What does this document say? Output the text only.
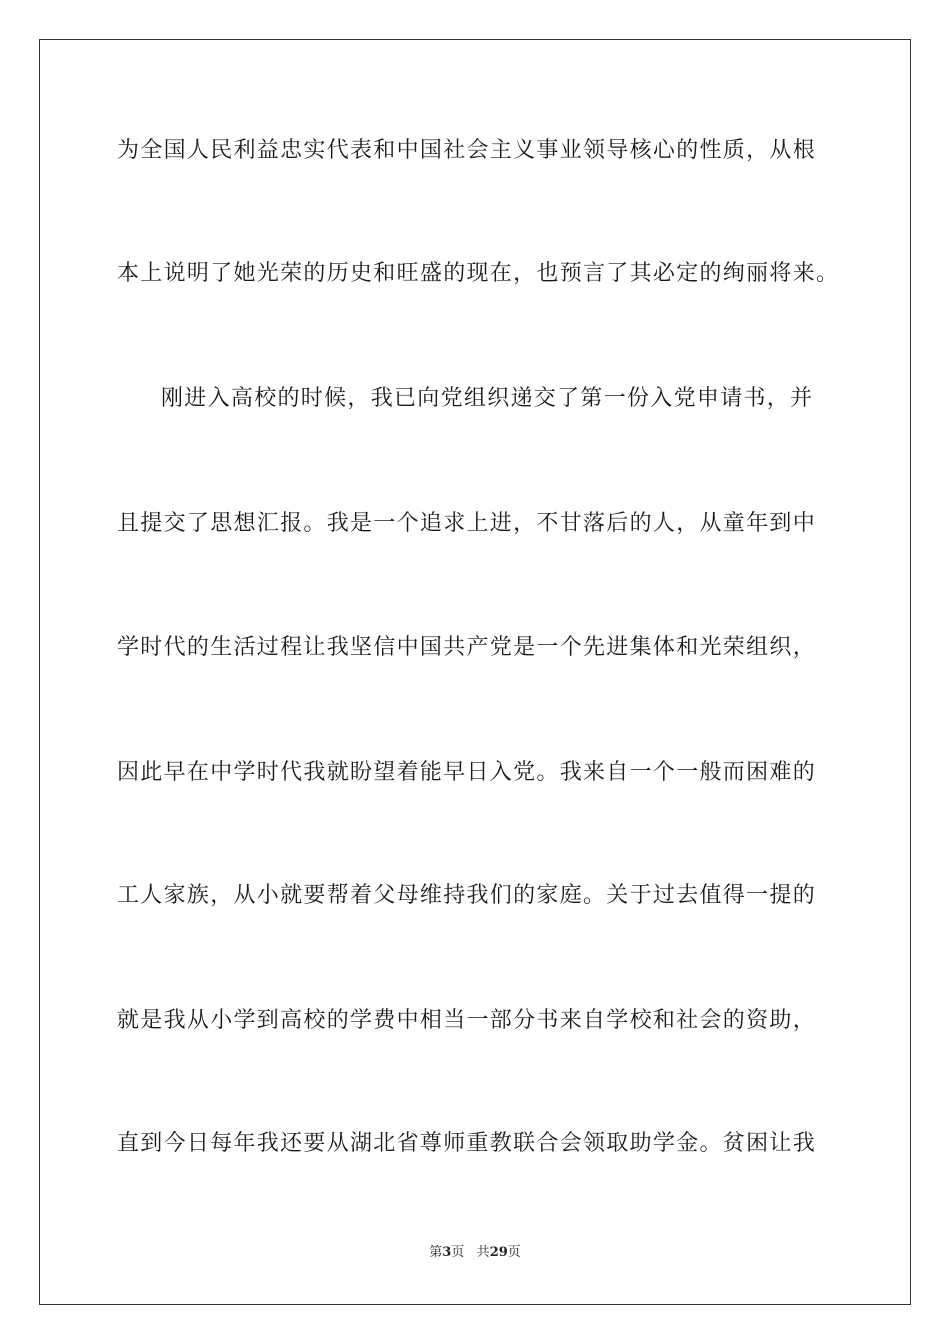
为全国人民利益忠实代表和中国社会主义事业领导核心的性质，从根
本上说明了她光荣的历史和旺盛的现在，也预言了其必定的绚丽将来。
刚进入高校的时候，我已向党组织递交了第一份入党申请书，并
且提交了思想汇报。我是一个追求上进，不甘落后的人，从童年到中
学时代的生活过程让我坚信中国共产党是一个先进集体和光荣组织，
因此早在中学时代我就盼望着能早日入党。我来自一个一般而困难的
工人家族，从小就要帮着父母维持我们的家庭。关于过去值得一提的
就是我从小学到高校的学费中相当一部分书来自学校和社会的资助，
直到今日每年我还要从湖北省尊师重教联合会领取助学金。贫困让我
第3页 共29页
